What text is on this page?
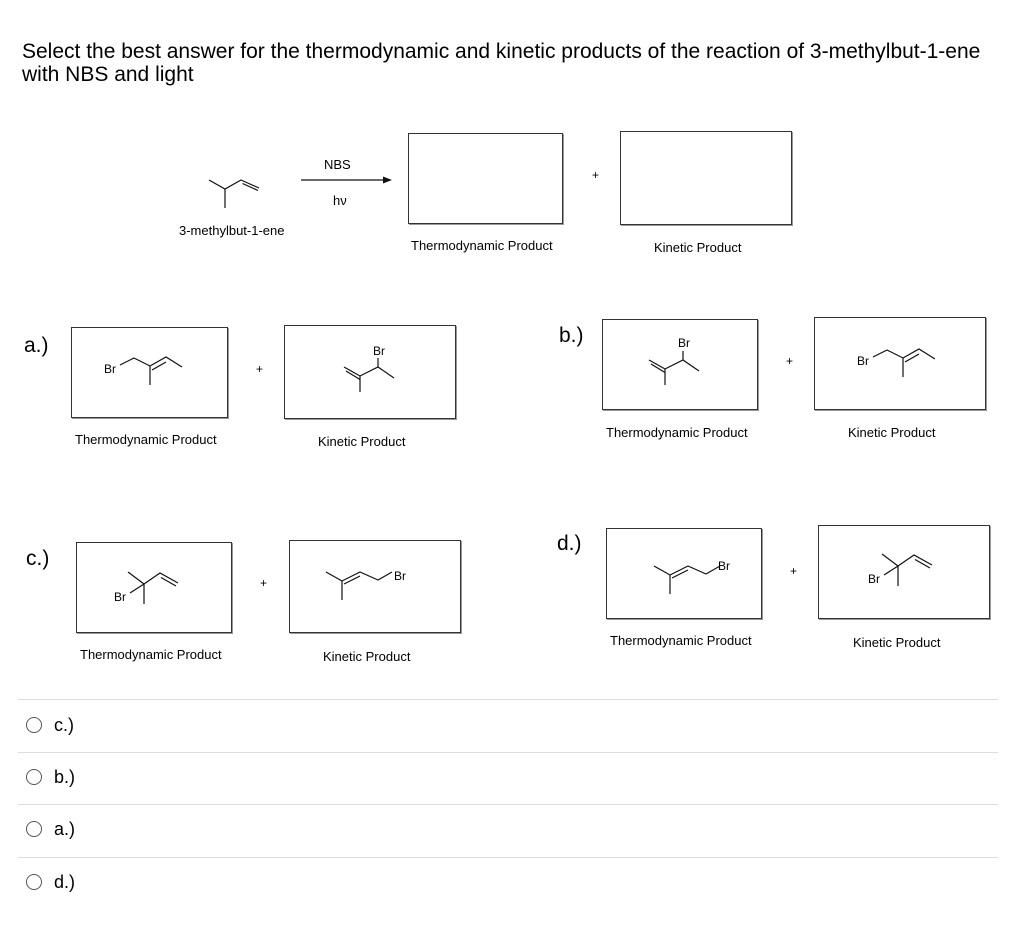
Select the best answer for the thermodynamic and kinetic products of the reaction of 3-methylbut-1-ene with NBS and light
3-methylbut-1-ene
NBS
hν
+
Thermodynamic Product	Kinetic Product
a.)
Br	+
Br
Thermodynamic Product	Kinetic Product
b.)	Br
+	Br
Thermodynamic Product	Kinetic Product
c.)
Br
+	Br
Thermodynamic Product	Kinetic Product
d.)
Br	+
Br
Thermodynamic Product	Kinetic Product
c.)
b.)
a.)
d.)
